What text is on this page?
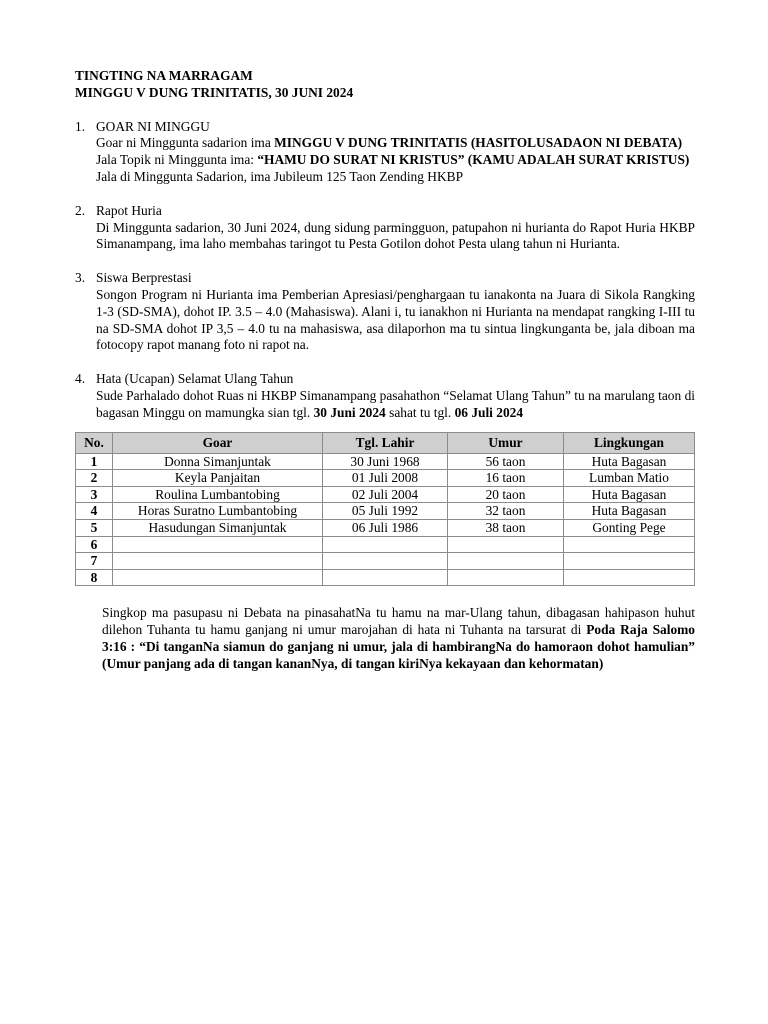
TINGTING NA MARRAGAM

MINGGU V DUNG TRINITATIS, 30 JUNI 2024

1. GOAR NI MINGGU
Goar ni Minggunta sadarion ima MINGGU V DUNG TRINITATIS (HASITOLUSADAON NI DEBATA)
Jala Topik ni Minggunta ima: “HAMU DO SURAT NI KRISTUS” (KAMU ADALAH SURAT KRISTUS)
Jala di Minggunta Sadarion, ima Jubileum 125 Taon Zending HKBP
2. Rapot Huria
Di Minggunta sadarion, 30 Juni 2024, dung sidung parmingguon, patupahon ni hurianta do Rapot Huria HKBP Simanampang, ima laho membahas taringot tu Pesta Gotilon dohot Pesta ulang tahun ni Hurianta.
3. Siswa Berprestasi
Songon Program ni Hurianta ima Pemberian Apresiasi/penghargaan tu ianakonta na Juara di Sikola Rangking 1-3 (SD-SMA), dohot IP. 3.5 – 4.0 (Mahasiswa). Alani i, tu ianakhon ni Hurianta na mendapat rangking I-III tu na SD-SMA dohot IP 3,5 – 4.0 tu na mahasiswa, asa dilaporhon ma tu sintua lingkunganta be, jala diboan ma fotocopy rapot manang foto ni rapot na.
4. Hata (Ucapan) Selamat Ulang Tahun
Sude Parhalado dohot Ruas ni HKBP Simanampang pasahathon “Selamat Ulang Tahun” tu na marulang taon di bagasan Minggu on mamungka sian tgl. 30 Juni 2024 sahat tu tgl. 06 Juli 2024
No.	Goar	Tgl. Lahir	Umur	Lingkungan
1	Donna Simanjuntak	30 Juni 1968	56 taon	Huta Bagasan
2	Keyla Panjaitan	01 Juli 2008	16 taon	Lumban Matio
3	Roulina Lumbantobing	02 Juli 2004	20 taon	Huta Bagasan
4	Horas Suratno Lumbantobing	05 Juli 1992	32 taon	Huta Bagasan
5	Hasudungan Simanjuntak	06 Juli 1986	38 taon	Gonting Pege
6				
7				
8				
Singkop ma pasupasu ni Debata na pinasahatNa tu hamu na mar-Ulang tahun, dibagasan hahipason huhut dilehon Tuhanta tu hamu ganjang ni umur marojahan di hata ni Tuhanta na tarsurat di Poda Raja Salomo 3:16 : “Di tanganNa siamun do ganjang ni umur, jala di hambirangNa do hamoraon dohot hamulian” (Umur panjang ada di tangan kananNya, di tangan kiriNya kekayaan dan kehormatan)
